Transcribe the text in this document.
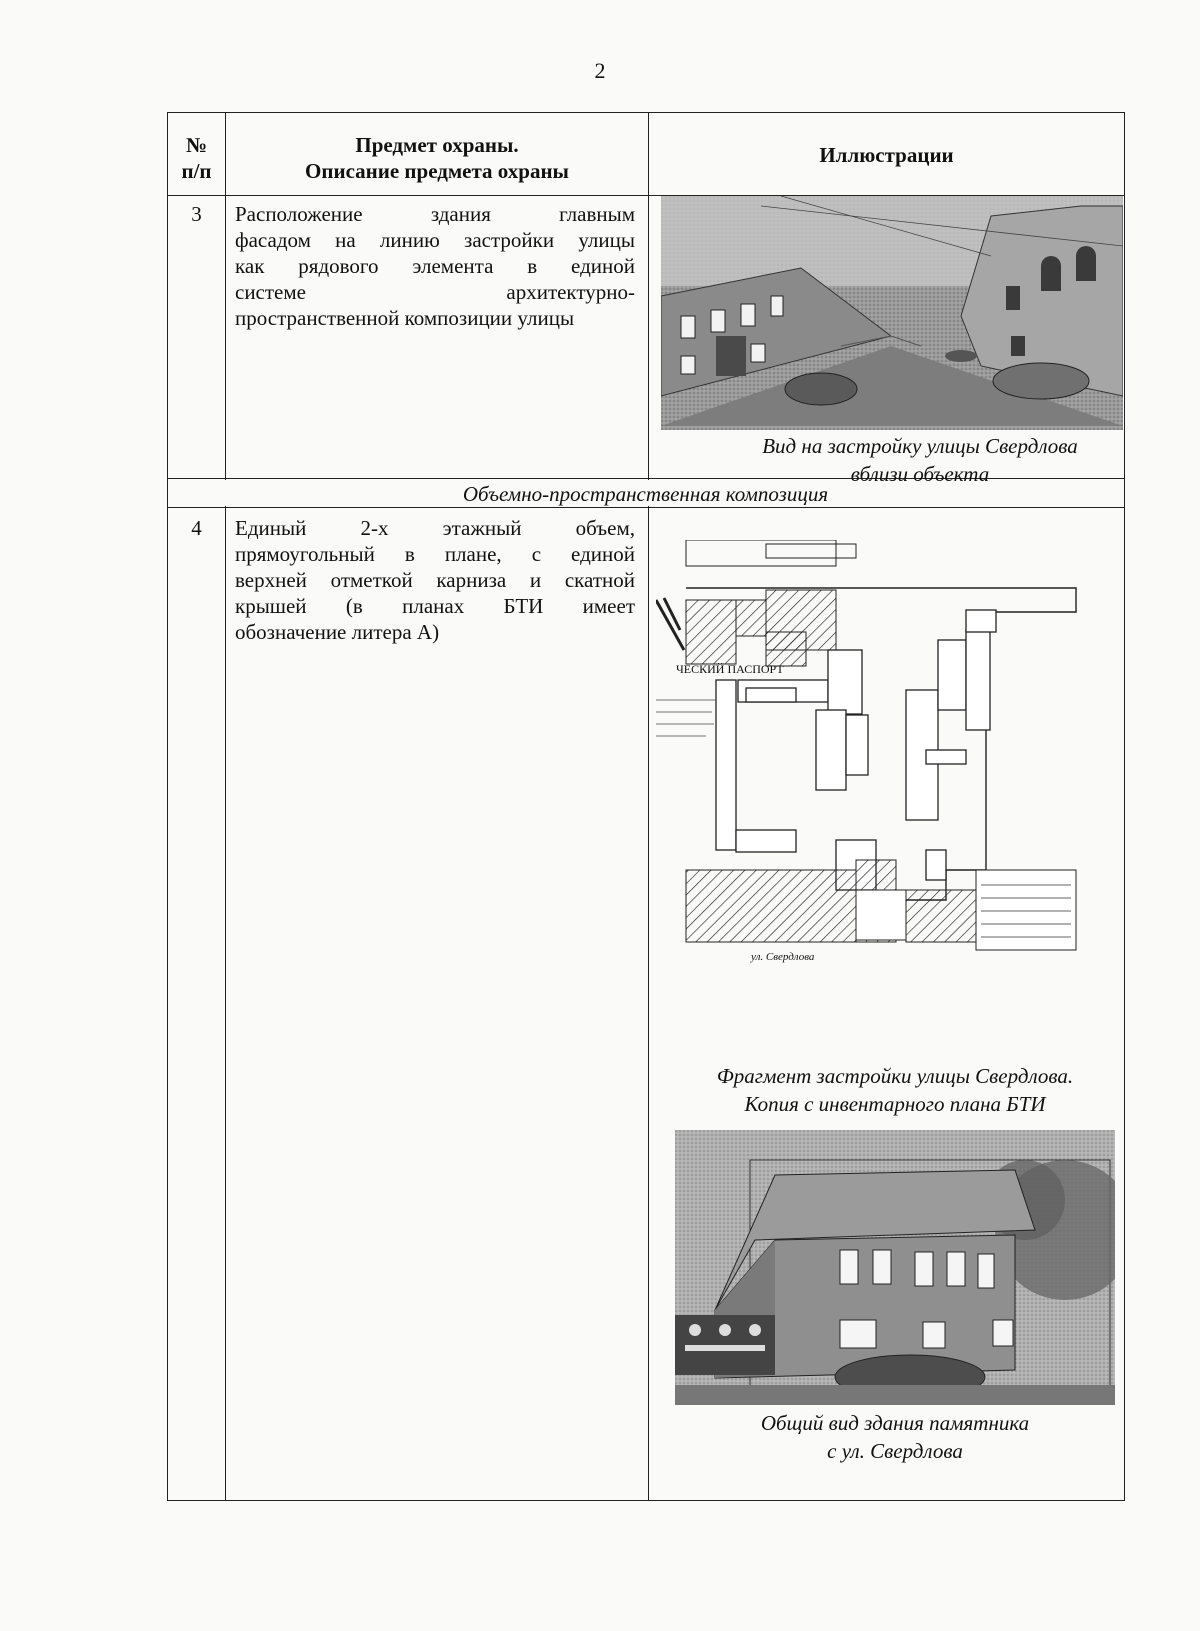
2
№
п/п
Предмет охраны.
Описание предмета охраны
Иллюстрации
3	Расположение здания главным
фасадом на линию застройки улицы
как рядового элемента в единой
системе архитектурно-
пространственной композиции улицы
Вид на застройку улицы Свердлова
вблизи объекта
Объемно-пространственная композиция
4	Единый 2-х этажный объем,
прямоугольный в плане, с единой
верхней отметкой карниза и скатной
крышей (в планах БТИ имеет
обозначение литера А)
ЧЕСКИЙ ПАСПОРТ
ул. Свердлова
Фрагмент застройки улицы Свердлова.
Копия с инвентарного плана БТИ
Общий вид здания памятника
с ул. Свердлова
